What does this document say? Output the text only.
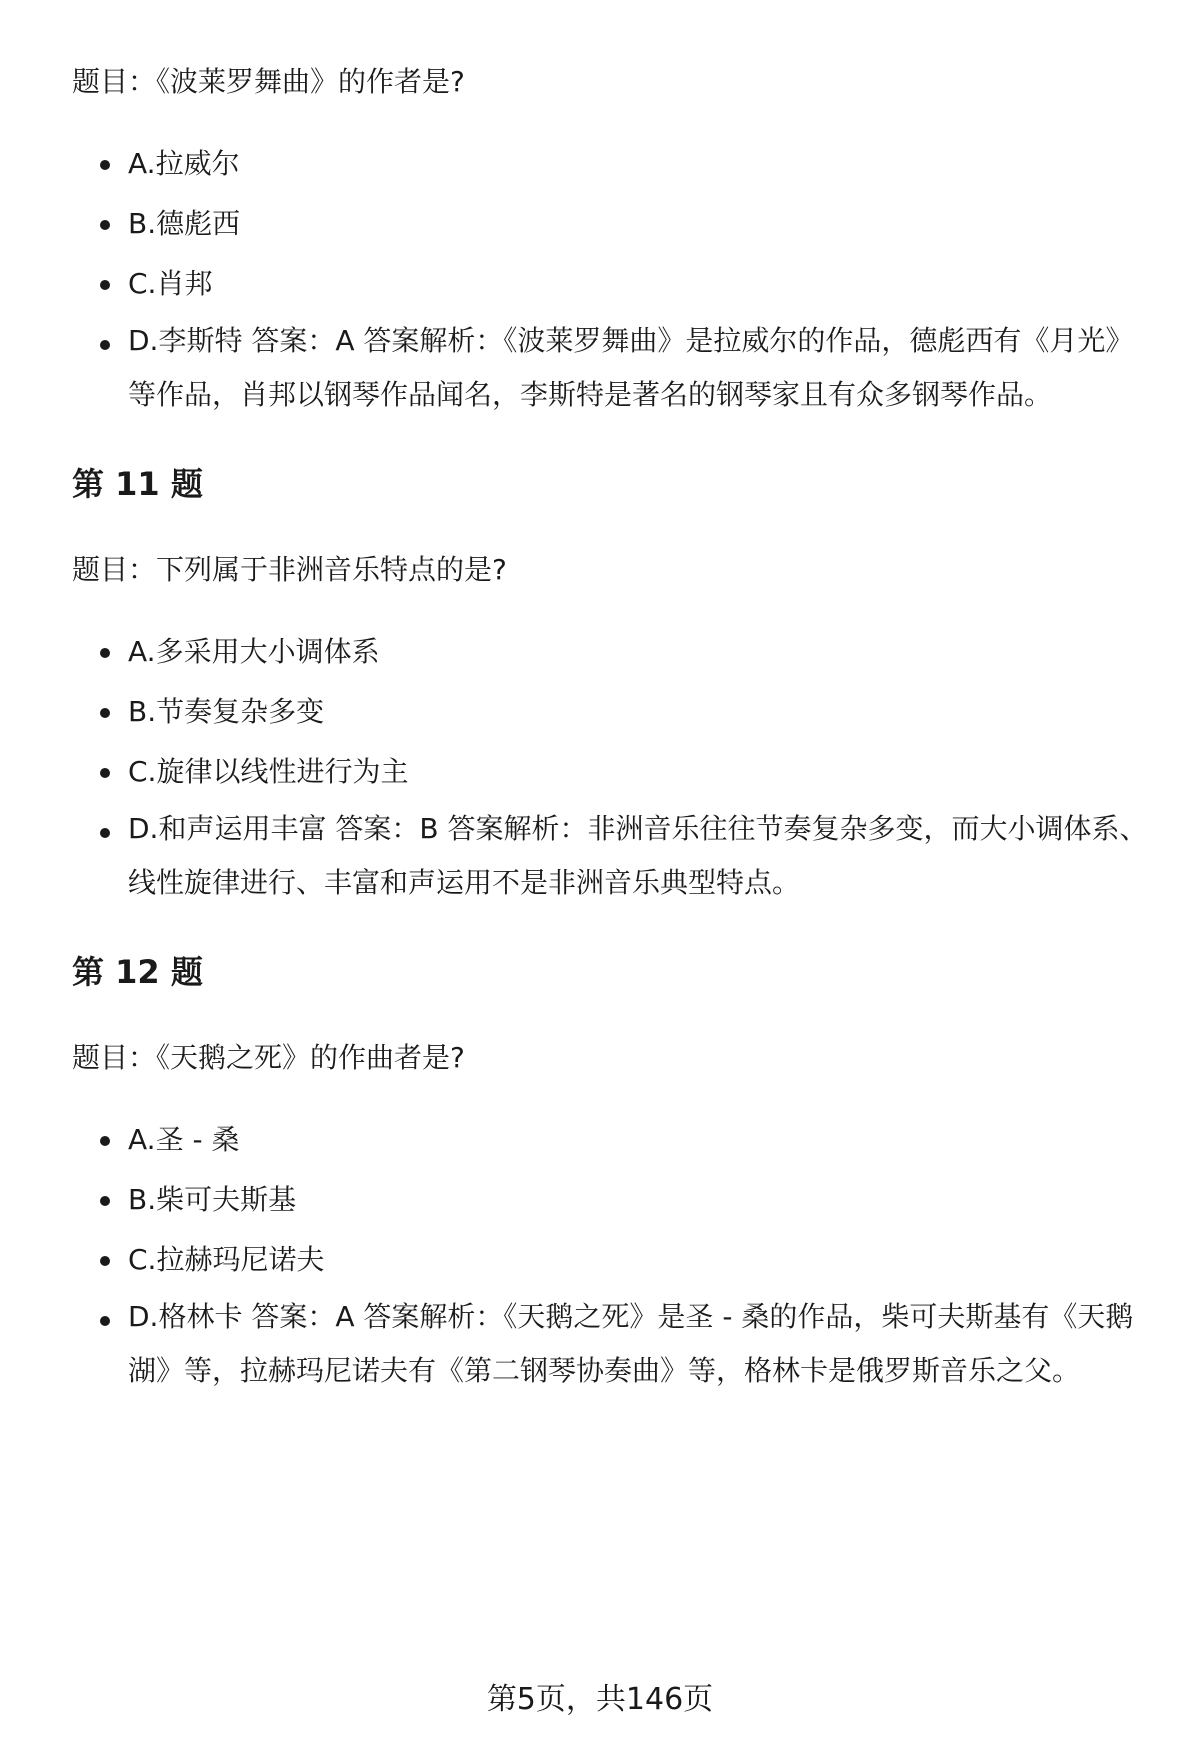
题目：《波莱罗舞曲》的作者是?

A.拉威尔
B.德彪西
C.肖邦
D.李斯特 答案：A 答案解析：《波莱罗舞曲》是拉威尔的作品，德彪西有《月光》等作品，肖邦以钢琴作品闻名，李斯特是著名的钢琴家且有众多钢琴作品。
第 11 题

题目：下列属于非洲音乐特点的是?

A.多采用大小调体系
B.节奏复杂多变
C.旋律以线性进行为主
D.和声运用丰富 答案：B 答案解析：非洲音乐往往节奏复杂多变，而大小调体系、线性旋律进行、丰富和声运用不是非洲音乐典型特点。
第 12 题

题目：《天鹅之死》的作曲者是?

A.圣 - 桑
B.柴可夫斯基
C.拉赫玛尼诺夫
D.格林卡 答案：A 答案解析：《天鹅之死》是圣 - 桑的作品，柴可夫斯基有《天鹅湖》等，拉赫玛尼诺夫有《第二钢琴协奏曲》等，格林卡是俄罗斯音乐之父。
第5页，共146页
